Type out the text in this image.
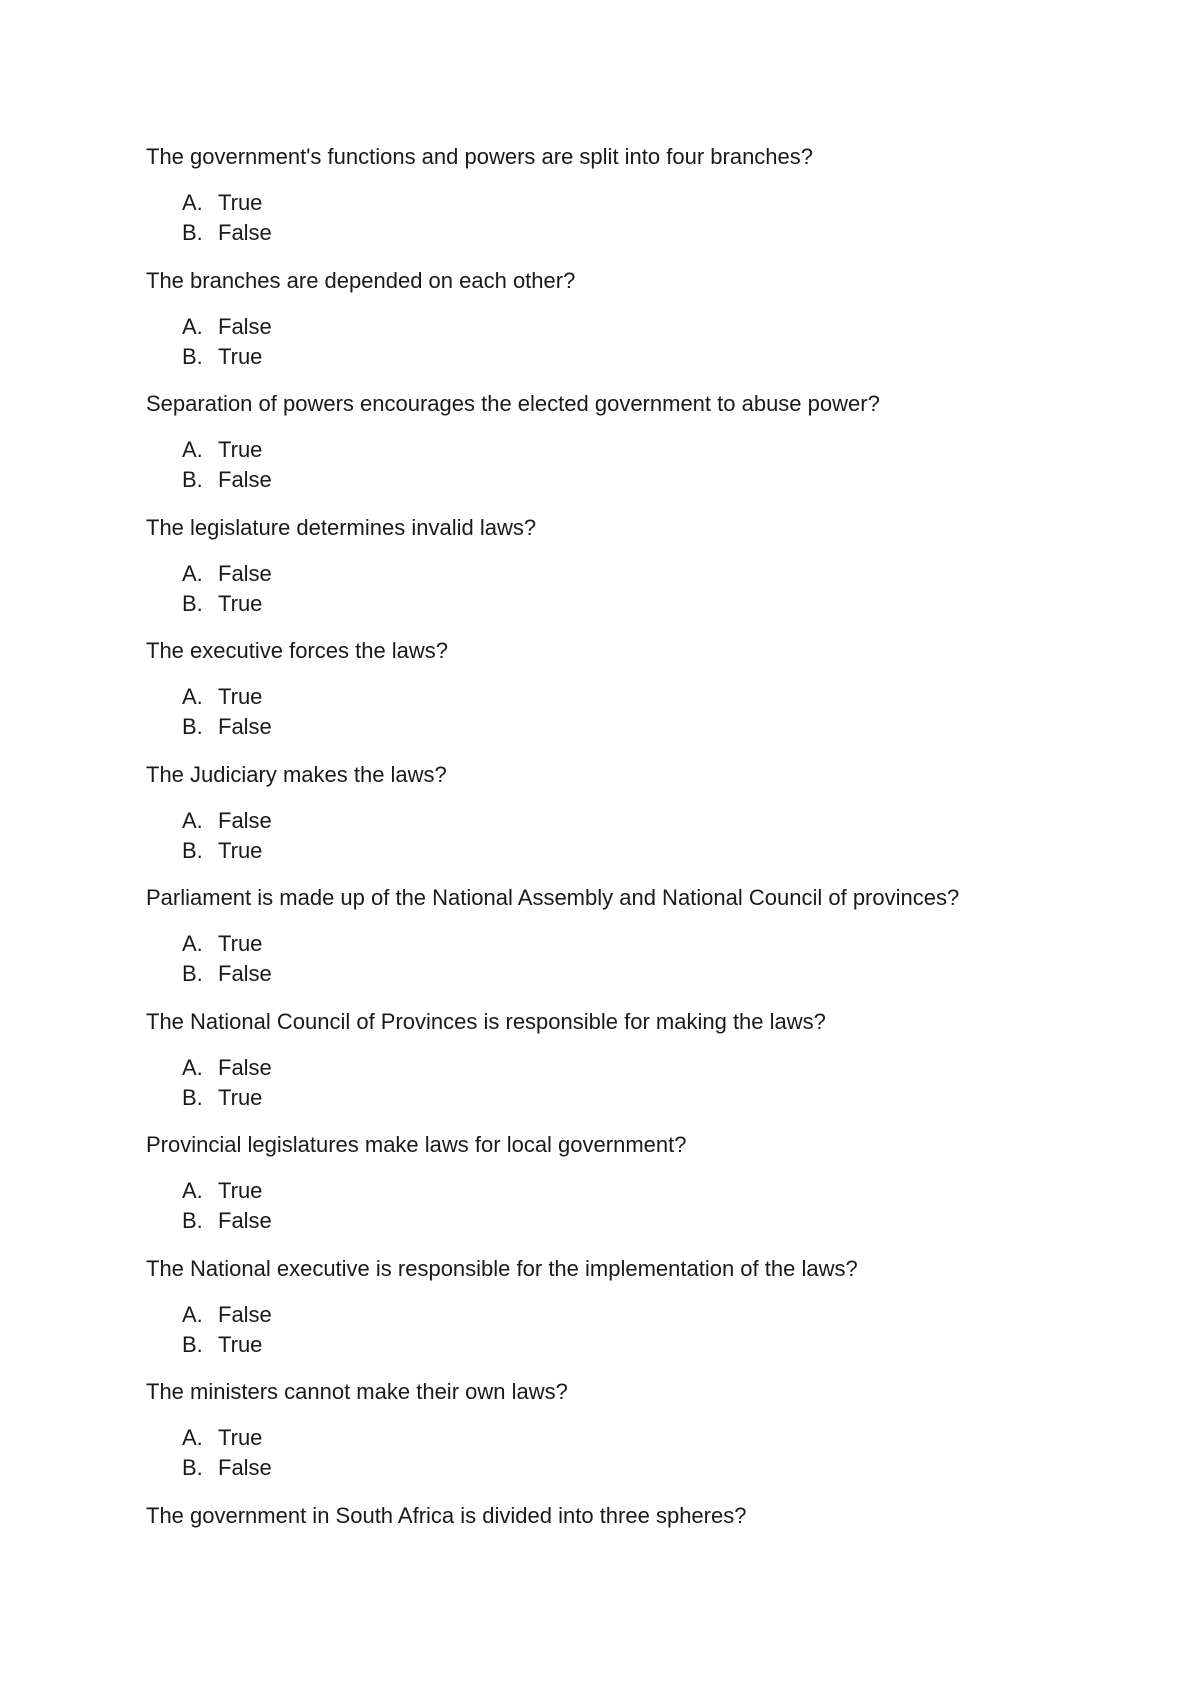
The government's functions and powers are split into four branches?

A. True
B. False

The branches are depended on each other?

A. False
B. True

Separation of powers encourages the elected government to abuse power?

A. True
B. False

The legislature determines invalid laws?

A. False
B. True

The executive forces the laws?

A. True
B. False

The Judiciary makes the laws?

A. False
B. True

Parliament is made up of the National Assembly and National Council of provinces?

A. True
B. False

The National Council of Provinces is responsible for making the laws?

A. False
B. True

Provincial legislatures make laws for local government?

A. True
B. False

The National executive is responsible for the implementation of the laws?

A. False
B. True

The ministers cannot make their own laws?

A. True
B. False

The government in South Africa is divided into three spheres?
